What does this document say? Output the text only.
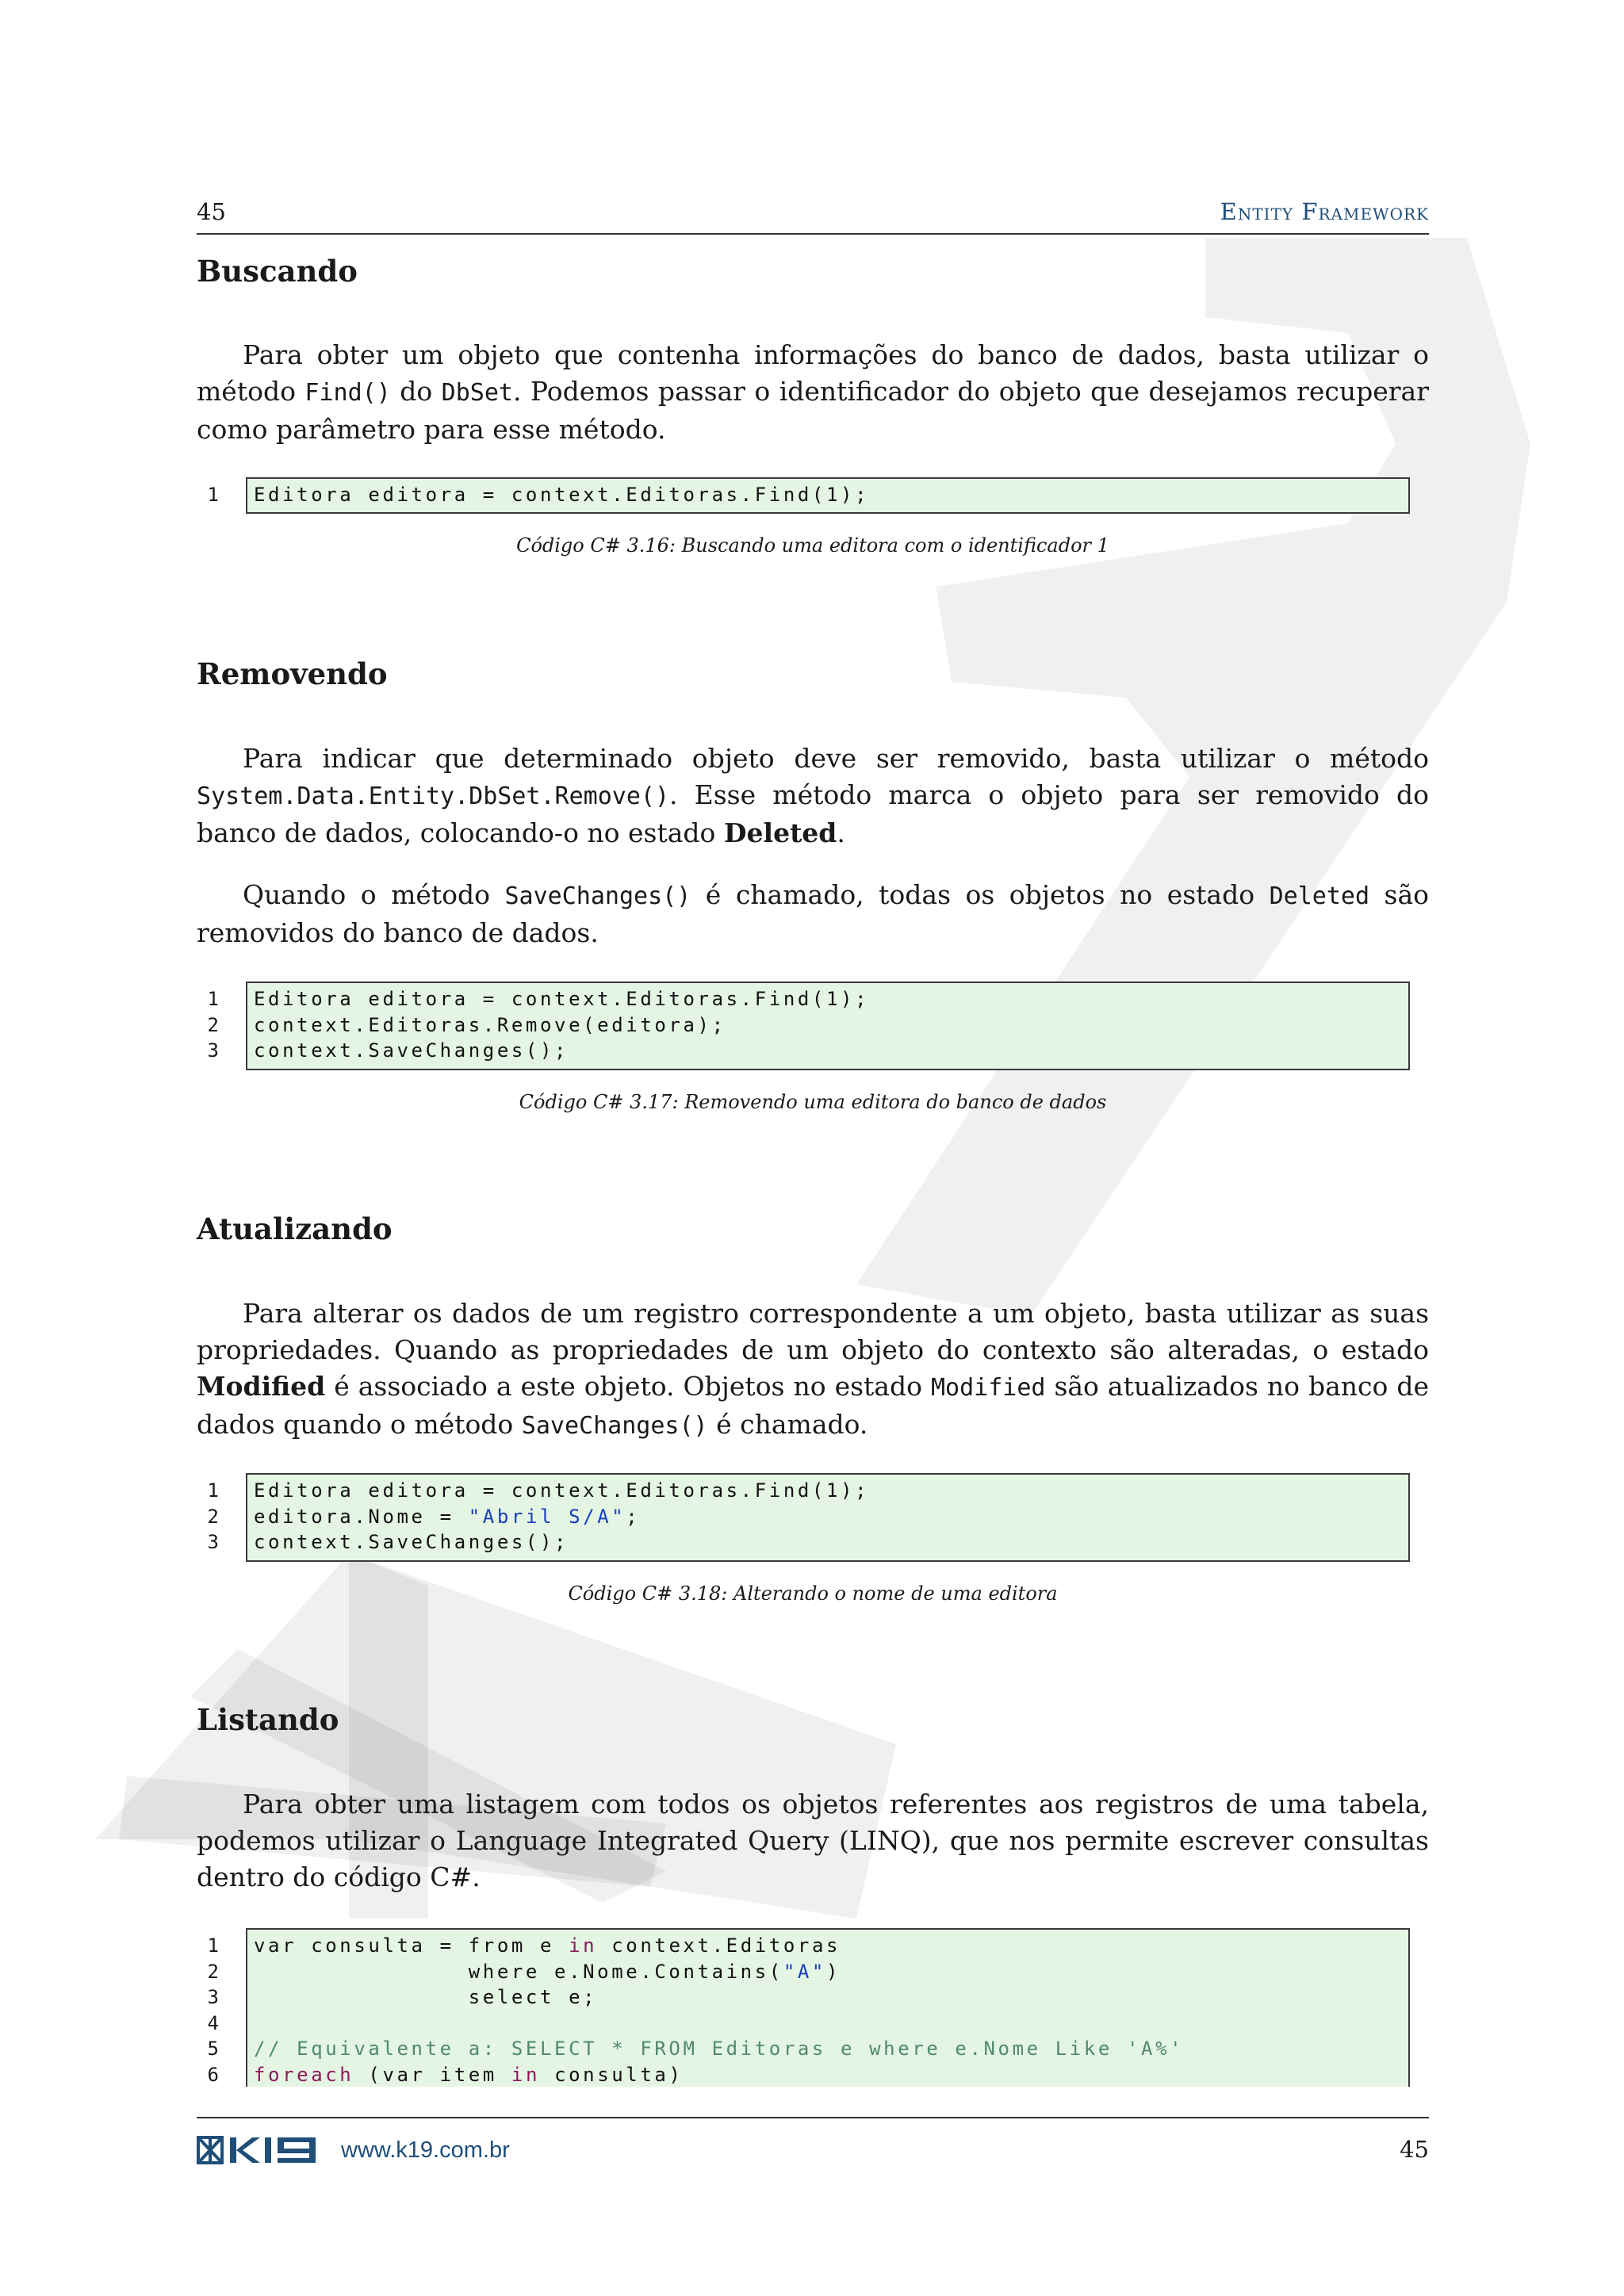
45	Entity Framework
Buscando

Para obter um objeto que contenha informações do banco de dados, basta utilizar o método Find() do DbSet. Podemos passar o identificador do objeto que desejamos recuperar como parâmetro para esse método.

1 Editora editora = context.Editoras.Find(1);
Código C# 3.16: Buscando uma editora com o identificador 1
Removendo

Para indicar que determinado objeto deve ser removido, basta utilizar o método System.Data.Entity.DbSet.Remove(). Esse método marca o objeto para ser removido do banco de dados, colocando-o no estado Deleted.

Quando o método SaveChanges() é chamado, todas os objetos no estado Deleted são removidos do banco de dados.

1
2
3
Editora editora = context.Editoras.Find(1);
context.Editoras.Remove(editora);
context.SaveChanges();
Código C# 3.17: Removendo uma editora do banco de dados
Atualizando

Para alterar os dados de um registro correspondente a um objeto, basta utilizar as suas propriedades. Quando as propriedades de um objeto do contexto são alteradas, o estado Modified é associado a este objeto. Objetos no estado Modified são atualizados no banco de dados quando o método SaveChanges() é chamado.

1
2
3
Editora editora = context.Editoras.Find(1);
editora.Nome = "Abril S/A";
context.SaveChanges();
Código C# 3.18: Alterando o nome de uma editora
Listando

Para obter uma listagem com todos os objetos referentes aos registros de uma tabela, podemos utilizar o Language Integrated Query (LINQ), que nos permite escrever consultas dentro do código C#.

1
2
3
4
5
6
var consulta = from e in context.Editoras
where e.Nome.Contains("A")
select e;
// Equivalente a: SELECT * FROM Editoras e where e.Nome Like 'A%'
foreach (var item in consulta)
www.k19.com.br	45
